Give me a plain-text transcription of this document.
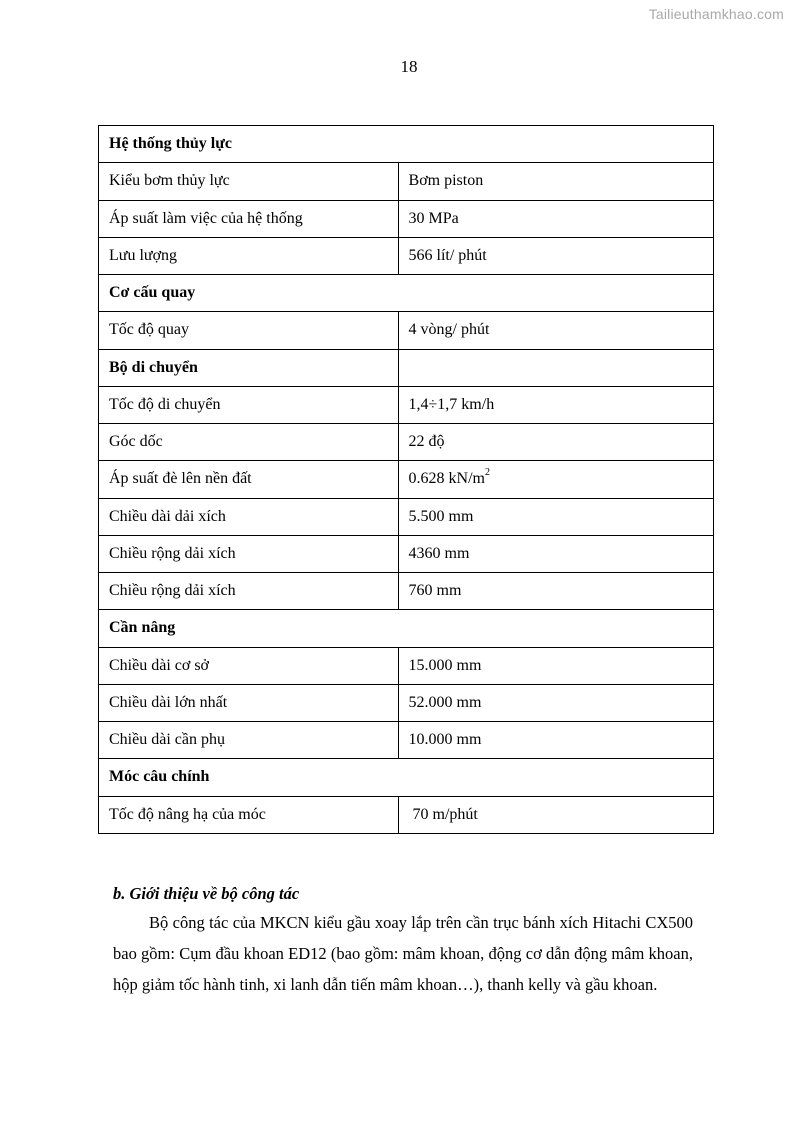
Tailieuthamkhao.com
18
Hệ thống thủy lực	
Kiểu bơm thủy lực	Bơm piston
Áp suất làm việc của hệ thống	30 MPa
Lưu lượng	566 lít/ phút
Cơ cấu quay	
Tốc độ quay	4 vòng/ phút
Bộ di chuyển	
Tốc độ di chuyển	1,4÷1,7 km/h
Góc dốc	22 độ
Áp suất đè lên nền đất	0.628 $kN/m^2$
Chiều dài dải xích	5.500 mm
Chiều rộng dải xích	4360 mm
Chiều rộng dải xích	760 mm
Cần nâng	
Chiều dài cơ sở	15.000 mm
Chiều dài lớn nhất	52.000 mm
Chiều dài cần phụ	10.000 mm
Móc câu chính	
Tốc độ nâng hạ của móc	70 m/phút
b. Giới thiệu về bộ công tác

Bộ công tác của MKCN kiểu gầu xoay lắp trên cần trục bánh xích Hitachi CX500 bao gồm: Cụm đầu khoan ED12 (bao gồm: mâm khoan, động cơ dẫn động mâm khoan, hộp giảm tốc hành tinh, xi lanh dẫn tiến mâm khoan…), thanh kelly và gầu khoan.
